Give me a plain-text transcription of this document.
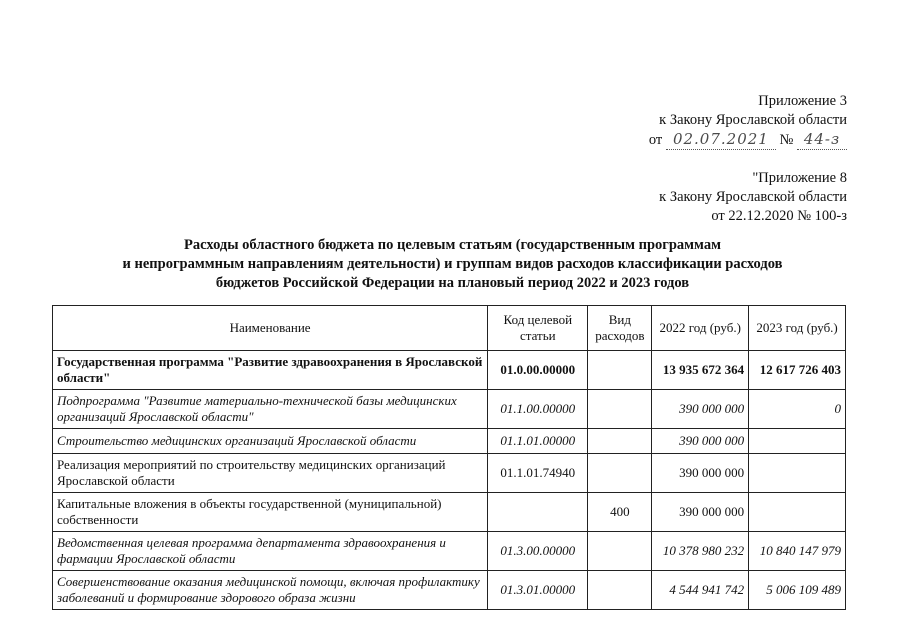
Приложение 3
к Закону Ярославской области
от 02.07.2021 № 44-з
"Приложение 8
к Закону Ярославской области
от 22.12.2020 № 100-з
Расходы областного бюджета по целевым статьям (государственным программам
и непрограммным направлениям деятельности) и группам видов расходов классификации расходов
бюджетов Российской Федерации на плановый период 2022 и 2023 годов
Наименование	Код целевой статьи	Вид расходов	2022 год (руб.)	2023 год (руб.)
Государственная программа "Развитие здравоохранения в Ярославской области"	01.0.00.00000		13 935 672 364	12 617 726 403
Подпрограмма "Развитие материально-технической базы медицинских организаций Ярославской области"	01.1.00.00000		390 000 000	0
Строительство медицинских организаций Ярославской области	01.1.01.00000		390 000 000	
Реализация мероприятий по строительству медицинских организаций Ярославской области	01.1.01.74940		390 000 000	
Капитальные вложения в объекты государственной (муниципальной) собственности		400	390 000 000	
Ведомственная целевая программа департамента здравоохранения и фармации Ярославской области	01.3.00.00000		10 378 980 232	10 840 147 979
Совершенствование оказания медицинской помощи, включая профилактику заболеваний и формирование здорового образа жизни	01.3.01.00000		4 544 941 742	5 006 109 489
